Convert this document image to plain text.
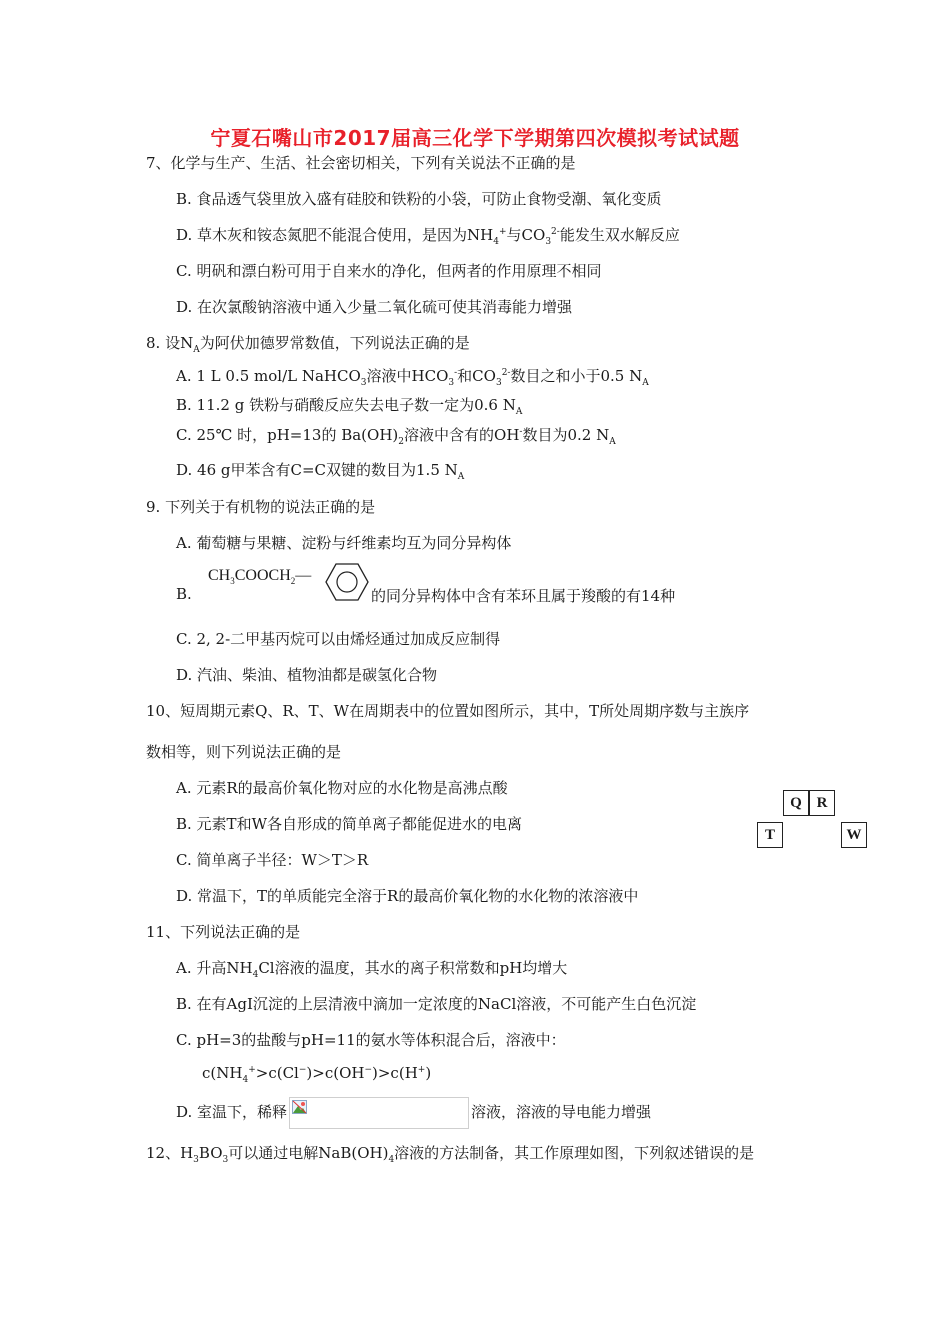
宁夏石嘴山市2017届高三化学下学期第四次模拟考试试题
7、化学与生产、生活、社会密切相关，下列有关说法不正确的是
B. 食品透气袋里放入盛有硅胶和铁粉的小袋，可防止食物受潮、氧化变质
D. 草木灰和铵态氮肥不能混合使用，是因为$NH_4^+$与$CO_3^{2-}$能发生双水解反应
C. 明矾和漂白粉可用于自来水的净化，但两者的作用原理不相同
D. 在次氯酸钠溶液中通入少量二氧化硫可使其消毒能力增强
8. 设$N_A$为阿伏加德罗常数值，下列说法正确的是
A. 1 L 0.5 mol/L NaHCO$_3$溶液中$HCO_3^-$和$CO_3^{2-}$数目之和小于0.5 $N_A$
B. 11.2 g 铁粉与硝酸反应失去电子数一定为0.6 $N_A$
C. 25℃ 时，pH=13的 $Ba(OH)_2$溶液中含有的OH-数目为0.2 $N_A$
D. 46 g甲苯含有C=C双键的数目为1.5 $N_A$
9. 下列关于有机物的说法正确的是
A. 葡萄糖与果糖、淀粉与纤维素均互为同分异构体
B.
$CH_3COOCH_2—$
的同分异构体中含有苯环且属于羧酸的有14种
C. 2, 2-二甲基丙烷可以由烯烃通过加成反应制得
D. 汽油、柴油、植物油都是碳氢化合物
10、短周期元素Q、R、T、W在周期表中的位置如图所示，其中，T所处周期序数与主族序
数相等，则下列说法正确的是
A. 元素R的最高价氧化物对应的水化物是高沸点酸
B. 元素T和W各自形成的简单离子都能促进水的电离
C. 简单离子半径：W＞T＞R
D. 常温下，T的单质能完全溶于R的最高价氧化物的水化物的浓溶液中
Q R
T	W
11、下列说法正确的是
A. 升高$NH_4Cl$溶液的温度，其水的离子积常数和pH均增大
B. 在有AgI沉淀的上层清液中滴加一定浓度的NaCl溶液，不可能产生白色沉淀
C. pH=3的盐酸与pH=11的氨水等体积混合后，溶液中：
$c(NH_4^+>c(Cl^-)>c(OH^-)>c(H^+)$
D. 室温下，稀释	溶液，溶液的导电能力增强
12、$H_3BO_3$可以通过电解$NaB(OH)_4$溶液的方法制备，其工作原理如图，下列叙述错误的是
